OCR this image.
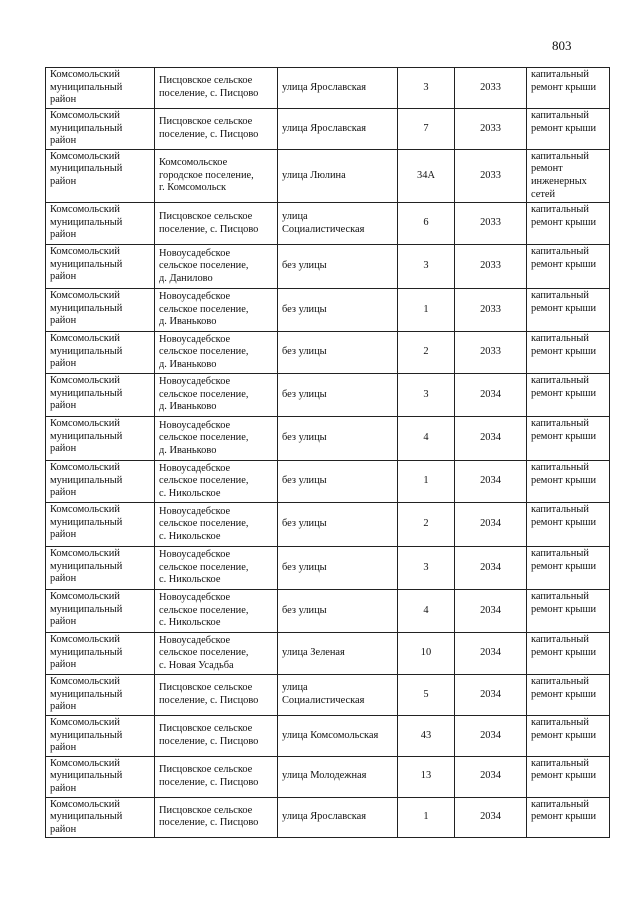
803
Комсомольский
муниципальный
район	Писцовское сельское
поселение, с. Писцово	улица Ярославская	3	2033	капитальный
ремонт крыши
Комсомольский
муниципальный
район	Писцовское сельское
поселение, с. Писцово	улица Ярославская	7	2033	капитальный
ремонт крыши
Комсомольский
муниципальный
район	Комсомольское
городское поселение,
г. Комсомольск	улица Люлина	34А	2033	капитальный
ремонт
инженерных
сетей
Комсомольский
муниципальный
район	Писцовское сельское
поселение, с. Писцово	улица
Социалистическая	6	2033	капитальный
ремонт крыши
Комсомольский
муниципальный
район	Новоусадебское
сельское поселение,
д. Данилово	без улицы	3	2033	капитальный
ремонт крыши
Комсомольский
муниципальный
район	Новоусадебское
сельское поселение,
д. Иваньково	без улицы	1	2033	капитальный
ремонт крыши
Комсомольский
муниципальный
район	Новоусадебское
сельское поселение,
д. Иваньково	без улицы	2	2033	капитальный
ремонт крыши
Комсомольский
муниципальный
район	Новоусадебское
сельское поселение,
д. Иваньково	без улицы	3	2034	капитальный
ремонт крыши
Комсомольский
муниципальный
район	Новоусадебское
сельское поселение,
д. Иваньково	без улицы	4	2034	капитальный
ремонт крыши
Комсомольский
муниципальный
район	Новоусадебское
сельское поселение,
с. Никольское	без улицы	1	2034	капитальный
ремонт крыши
Комсомольский
муниципальный
район	Новоусадебское
сельское поселение,
с. Никольское	без улицы	2	2034	капитальный
ремонт крыши
Комсомольский
муниципальный
район	Новоусадебское
сельское поселение,
с. Никольское	без улицы	3	2034	капитальный
ремонт крыши
Комсомольский
муниципальный
район	Новоусадебское
сельское поселение,
с. Никольское	без улицы	4	2034	капитальный
ремонт крыши
Комсомольский
муниципальный
район	Новоусадебское
сельское поселение,
с. Новая Усадьба	улица Зеленая	10	2034	капитальный
ремонт крыши
Комсомольский
муниципальный
район	Писцовское сельское
поселение, с. Писцово	улица
Социалистическая	5	2034	капитальный
ремонт крыши
Комсомольский
муниципальный
район	Писцовское сельское
поселение, с. Писцово	улица Комсомольская	43	2034	капитальный
ремонт крыши
Комсомольский
муниципальный
район	Писцовское сельское
поселение, с. Писцово	улица Молодежная	13	2034	капитальный
ремонт крыши
Комсомольский
муниципальный
район	Писцовское сельское
поселение, с. Писцово	улица Ярославская	1	2034	капитальный
ремонт крыши
